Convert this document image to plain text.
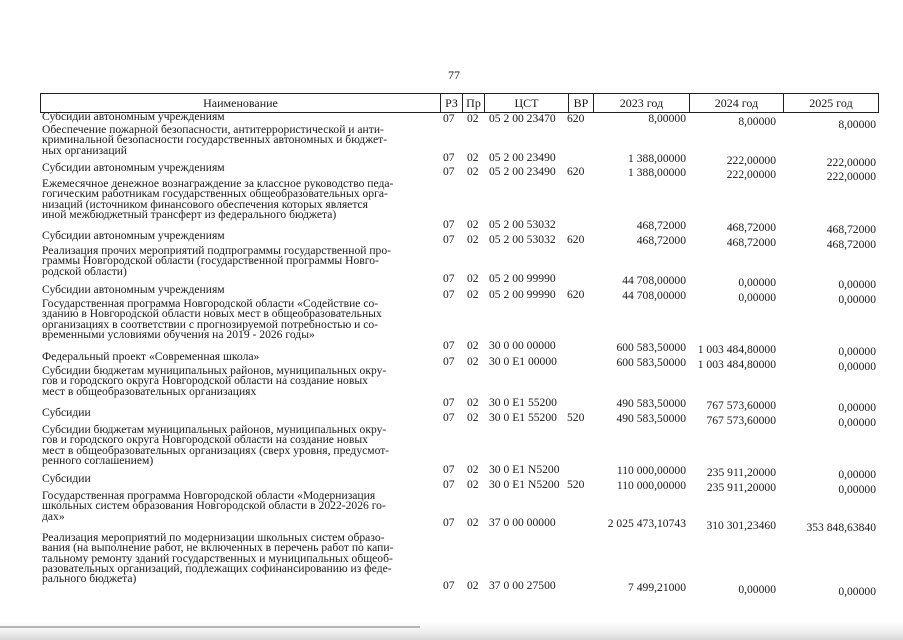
77
Наименование	РЗ Пр	ЦСТ	ВР	2023 год	2024 год	2025 год
Субсидии автономным учреждениям	07 02 05 2 00 23470 620	8,00000	8,00000	8,00000
Обеспечение пожарной безопасности, антитеррористической и анти-
криминальной безопасности государственных автономных и бюджет-
ных организаций
07 02 05 2 00 23490	1 388,00000	222,00000	222,00000
Субсидии автономным учреждениям	07 02 05 2 00 23490 620	1 388,00000	222,00000	222,00000
Ежемесячное денежное вознаграждение за классное руководство педа-
гогическим работникам государственных общеобразовательных орга-
низаций (источником финансового обеспечения которых является
иной межбюджетный трансферт из федерального бюджета)
07 02 05 2 00 53032	468,72000	468,72000	468,72000
Субсидии автономным учреждениям	07 02 05 2 00 53032 620	468,72000	468,72000	468,72000
Реализация прочих мероприятий подпрограммы государственной про-
граммы Новгородской области (государственной программы Новго-
родской области)
07 02 05 2 00 99990	44 708,00000	0,00000	0,00000
Субсидии автономным учреждениям	07 02 05 2 00 99990 620	44 708,00000	0,00000	0,00000
Государственная программа Новгородской области «Содействие со-
зданию в Новгородской области новых мест в общеобразовательных
организациях в соответствии с прогнозируемой потребностью и со-
временными условиями обучения на 2019 - 2026 годы»
07 02 30 0 00 00000	600 583,50000	1 003 484,80000	0,00000
Федеральный проект «Современная школа»	07 02 30 0 E1 00000	600 583,50000	1 003 484,80000	0,00000
Субсидии бюджетам муниципальных районов, муниципальных окру-
гов и городского округа Новгородской области на создание новых
мест в общеобразовательных организациях
07 02 30 0 E1 55200	490 583,50000	767 573,60000	0,00000
Субсидии	07 02 30 0 E1 55200 520	490 583,50000	767 573,60000	0,00000
Субсидии бюджетам муниципальных районов, муниципальных окру-
гов и городского округа Новгородской области на создание новых
мест в общеобразовательных организациях (сверх уровня, предусмот-
ренного соглашением)
07 02 30 0 E1 N5200	110 000,00000	235 911,20000	0,00000
Субсидии	07 02 30 0 E1 N5200 520	110 000,00000	235 911,20000	0,00000
Государственная программа Новгородской области «Модернизация
школьных систем образования Новгородской области в 2022-2026 го-
дах»	07 02 37 0 00 00000	2 025 473,10743	310 301,23460	353 848,63840
Реализация мероприятий по модернизации школьных систем образо-
вания (на выполнение работ, не включенных в перечень работ по капи-
тальному ремонту зданий государственных и муниципальных общеоб-
разовательных организаций, подлежащих софинансированию из феде-
рального бюджета)
07 02 37 0 00 27500	7 499,21000	0,00000	0,00000
